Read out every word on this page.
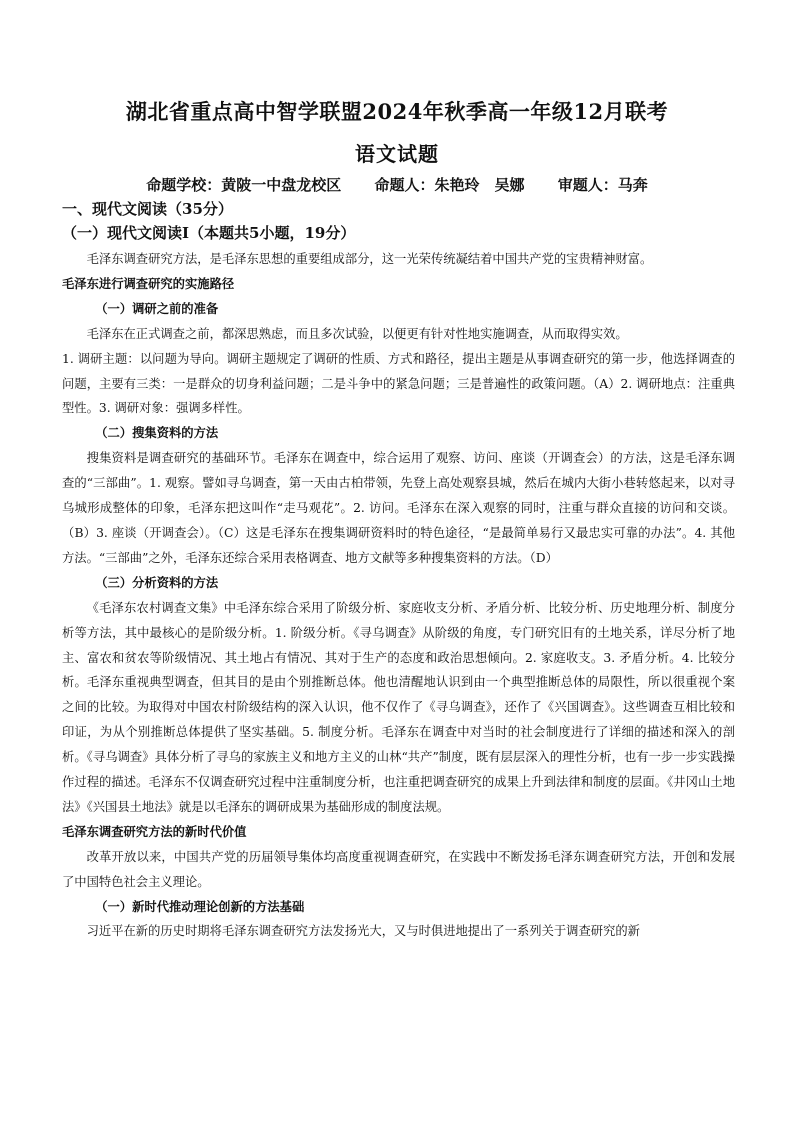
湖北省重点高中智学联盟2024年秋季高一年级12月联考
语文试题
命题学校：黄陂一中盘龙校区 命题人：朱艳玲　吴娜 审题人：马奔
一、现代文阅读（35分）
（一）现代文阅读Ⅰ（本题共5小题，19分）

毛泽东调查研究方法，是毛泽东思想的重要组成部分，这一光荣传统凝结着中国共产党的宝贵精神财富。

毛泽东进行调查研究的实施路径

（一）调研之前的准备

毛泽东在正式调查之前，都深思熟虑，而且多次试验，以便更有针对性地实施调查，从而取得实效。

1. 调研主题：以问题为导向。调研主题规定了调研的性质、方式和路径，提出主题是从事调查研究的第一步，他选择调查的问题，主要有三类：一是群众的切身利益问题；二是斗争中的紧急问题；三是普遍性的政策问题。（A）2. 调研地点：注重典型性。3. 调研对象：强调多样性。

（二）搜集资料的方法

搜集资料是调查研究的基础环节。毛泽东在调查中，综合运用了观察、访问、座谈（开调查会）的方法，这是毛泽东调查的“三部曲”。1. 观察。譬如寻乌调查，第一天由古柏带领，先登上高处观察县城，然后在城内大街小巷转悠起来，以对寻乌城形成整体的印象，毛泽东把这叫作“走马观花”。2. 访问。毛泽东在深入观察的同时，注重与群众直接的访问和交谈。（B）3. 座谈（开调查会）。（C）这是毛泽东在搜集调研资料时的特色途径，“是最简单易行又最忠实可靠的办法”。4. 其他方法。“三部曲”之外，毛泽东还综合采用表格调查、地方文献等多种搜集资料的方法。（D）

（三）分析资料的方法

《毛泽东农村调查文集》中毛泽东综合采用了阶级分析、家庭收支分析、矛盾分析、比较分析、历史地理分析、制度分析等方法，其中最核心的是阶级分析。1. 阶级分析。《寻乌调查》从阶级的角度，专门研究旧有的土地关系，详尽分析了地主、富农和贫农等阶级情况、其土地占有情况、其对于生产的态度和政治思想倾向。2. 家庭收支。3. 矛盾分析。4. 比较分析。毛泽东重视典型调查，但其目的是由个别推断总体。他也清醒地认识到由一个典型推断总体的局限性，所以很重视个案之间的比较。为取得对中国农村阶级结构的深入认识，他不仅作了《寻乌调查》，还作了《兴国调查》。这些调查互相比较和印证，为从个别推断总体提供了坚实基础。5. 制度分析。毛泽东在调查中对当时的社会制度进行了详细的描述和深入的剖析。《寻乌调查》具体分析了寻乌的家族主义和地方主义的山林“共产”制度，既有层层深入的理性分析，也有一步一步实践操作过程的描述。毛泽东不仅调查研究过程中注重制度分析，也注重把调查研究的成果上升到法律和制度的层面。《井冈山土地法》《兴国县土地法》就是以毛泽东的调研成果为基础形成的制度法规。

毛泽东调查研究方法的新时代价值

改革开放以来，中国共产党的历届领导集体均高度重视调查研究，在实践中不断发扬毛泽东调查研究方法，开创和发展了中国特色社会主义理论。

（一）新时代推动理论创新的方法基础

习近平在新的历史时期将毛泽东调查研究方法发扬光大，又与时俱进地提出了一系列关于调查研究的新
